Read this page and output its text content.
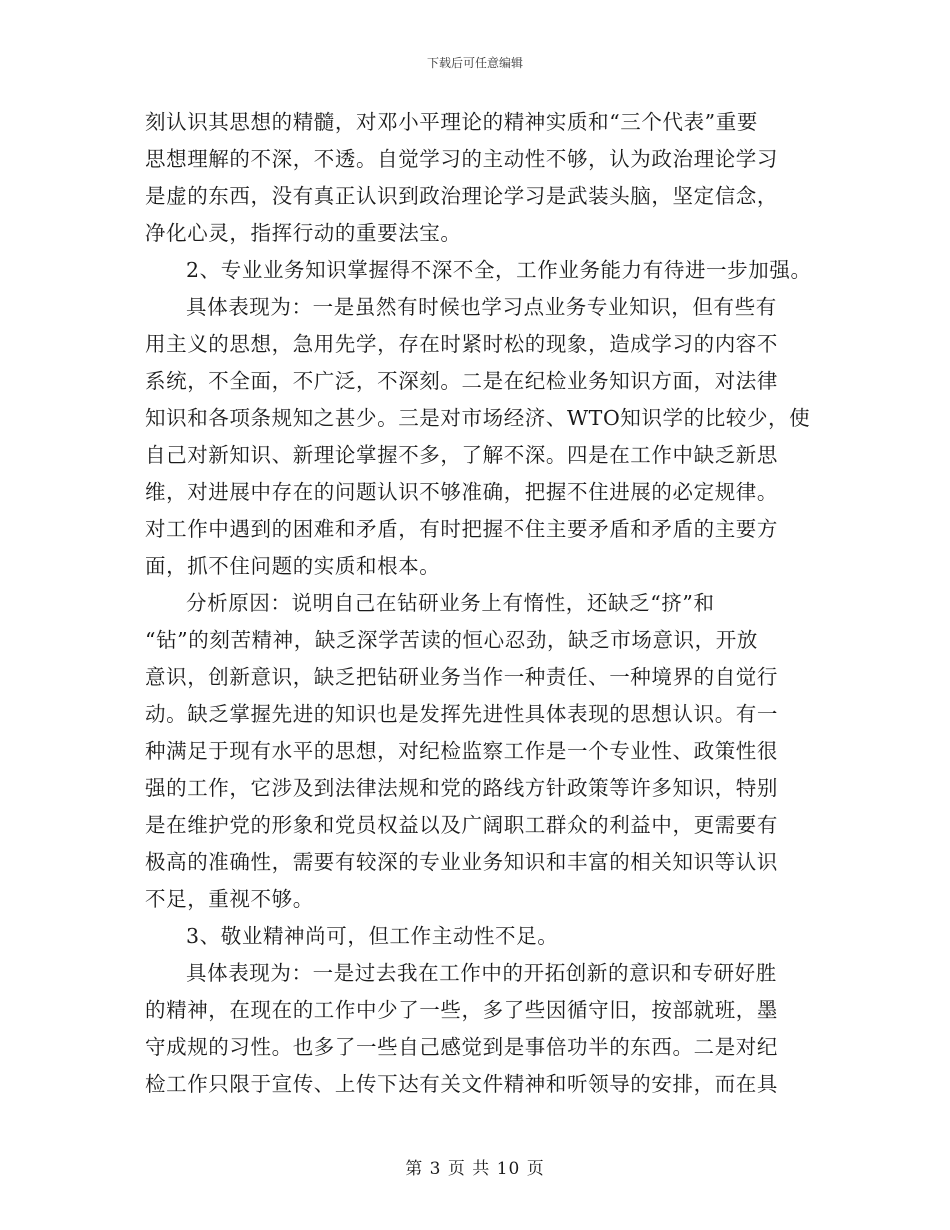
下载后可任意编辑
刻认识其思想的精髓，对邓小平理论的精神实质和“三个代表”重要
思想理解的不深，不透。自觉学习的主动性不够，认为政治理论学习
是虚的东西，没有真正认识到政治理论学习是武装头脑，坚定信念，
净化心灵，指挥行动的重要法宝。
2、专业业务知识掌握得不深不全，工作业务能力有待进一步加强。
具体表现为：一是虽然有时候也学习点业务专业知识，但有些有
用主义的思想，急用先学，存在时紧时松的现象，造成学习的内容不
系统，不全面，不广泛，不深刻。二是在纪检业务知识方面，对法律
知识和各项条规知之甚少。三是对市场经济、WTO知识学的比较少，使
自己对新知识、新理论掌握不多，了解不深。四是在工作中缺乏新思
维，对进展中存在的问题认识不够准确，把握不住进展的必定规律。
对工作中遇到的困难和矛盾，有时把握不住主要矛盾和矛盾的主要方
面，抓不住问题的实质和根本。
分析原因：说明自己在钻研业务上有惰性，还缺乏“挤”和
“钻”的刻苦精神，缺乏深学苦读的恒心忍劲，缺乏市场意识，开放
意识，创新意识，缺乏把钻研业务当作一种责任、一种境界的自觉行
动。缺乏掌握先进的知识也是发挥先进性具体表现的思想认识。有一
种满足于现有水平的思想，对纪检监察工作是一个专业性、政策性很
强的工作，它涉及到法律法规和党的路线方针政策等许多知识，特别
是在维护党的形象和党员权益以及广阔职工群众的利益中，更需要有
极高的准确性，需要有较深的专业业务知识和丰富的相关知识等认识
不足，重视不够。
3、敬业精神尚可，但工作主动性不足。
具体表现为：一是过去我在工作中的开拓创新的意识和专研好胜
的精神，在现在的工作中少了一些，多了些因循守旧，按部就班，墨
守成规的习性。也多了一些自己感觉到是事倍功半的东西。二是对纪
检工作只限于宣传、上传下达有关文件精神和听领导的安排，而在具
第 3 页 共 10 页
